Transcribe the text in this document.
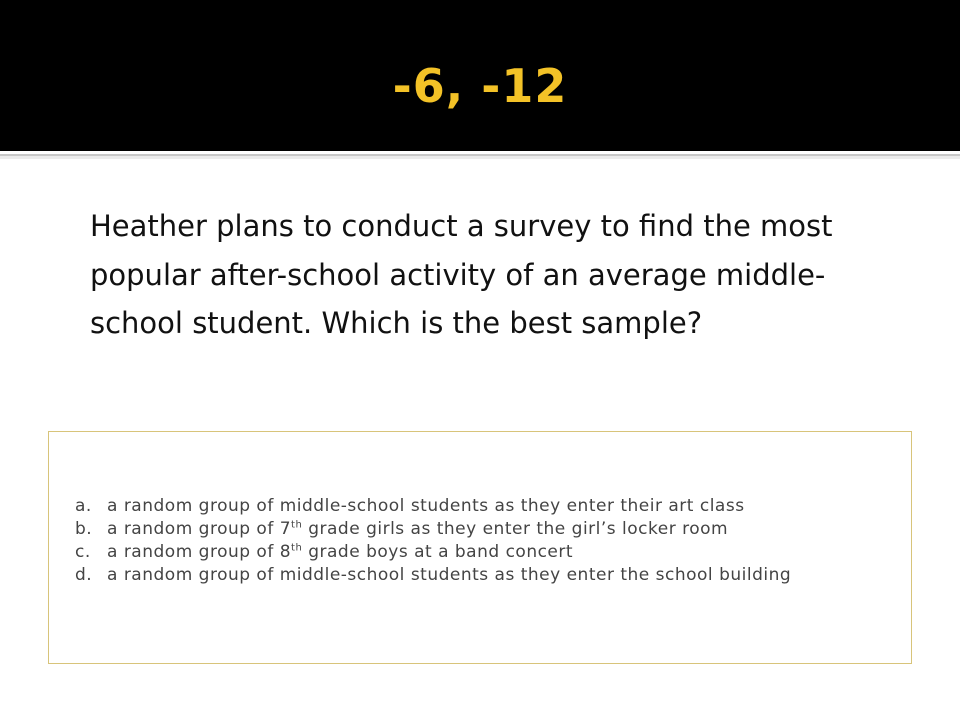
-6, -12

Heather plans to conduct a survey to find the most popular after-school activity of an average middle-school student. Which is the best sample?

a. a random group of middle-school students as they enter their art class
b. a random group of 7th grade girls as they enter the girl’s locker room
c. a random group of 8th grade boys at a band concert
d. a random group of middle-school students as they enter the school building
